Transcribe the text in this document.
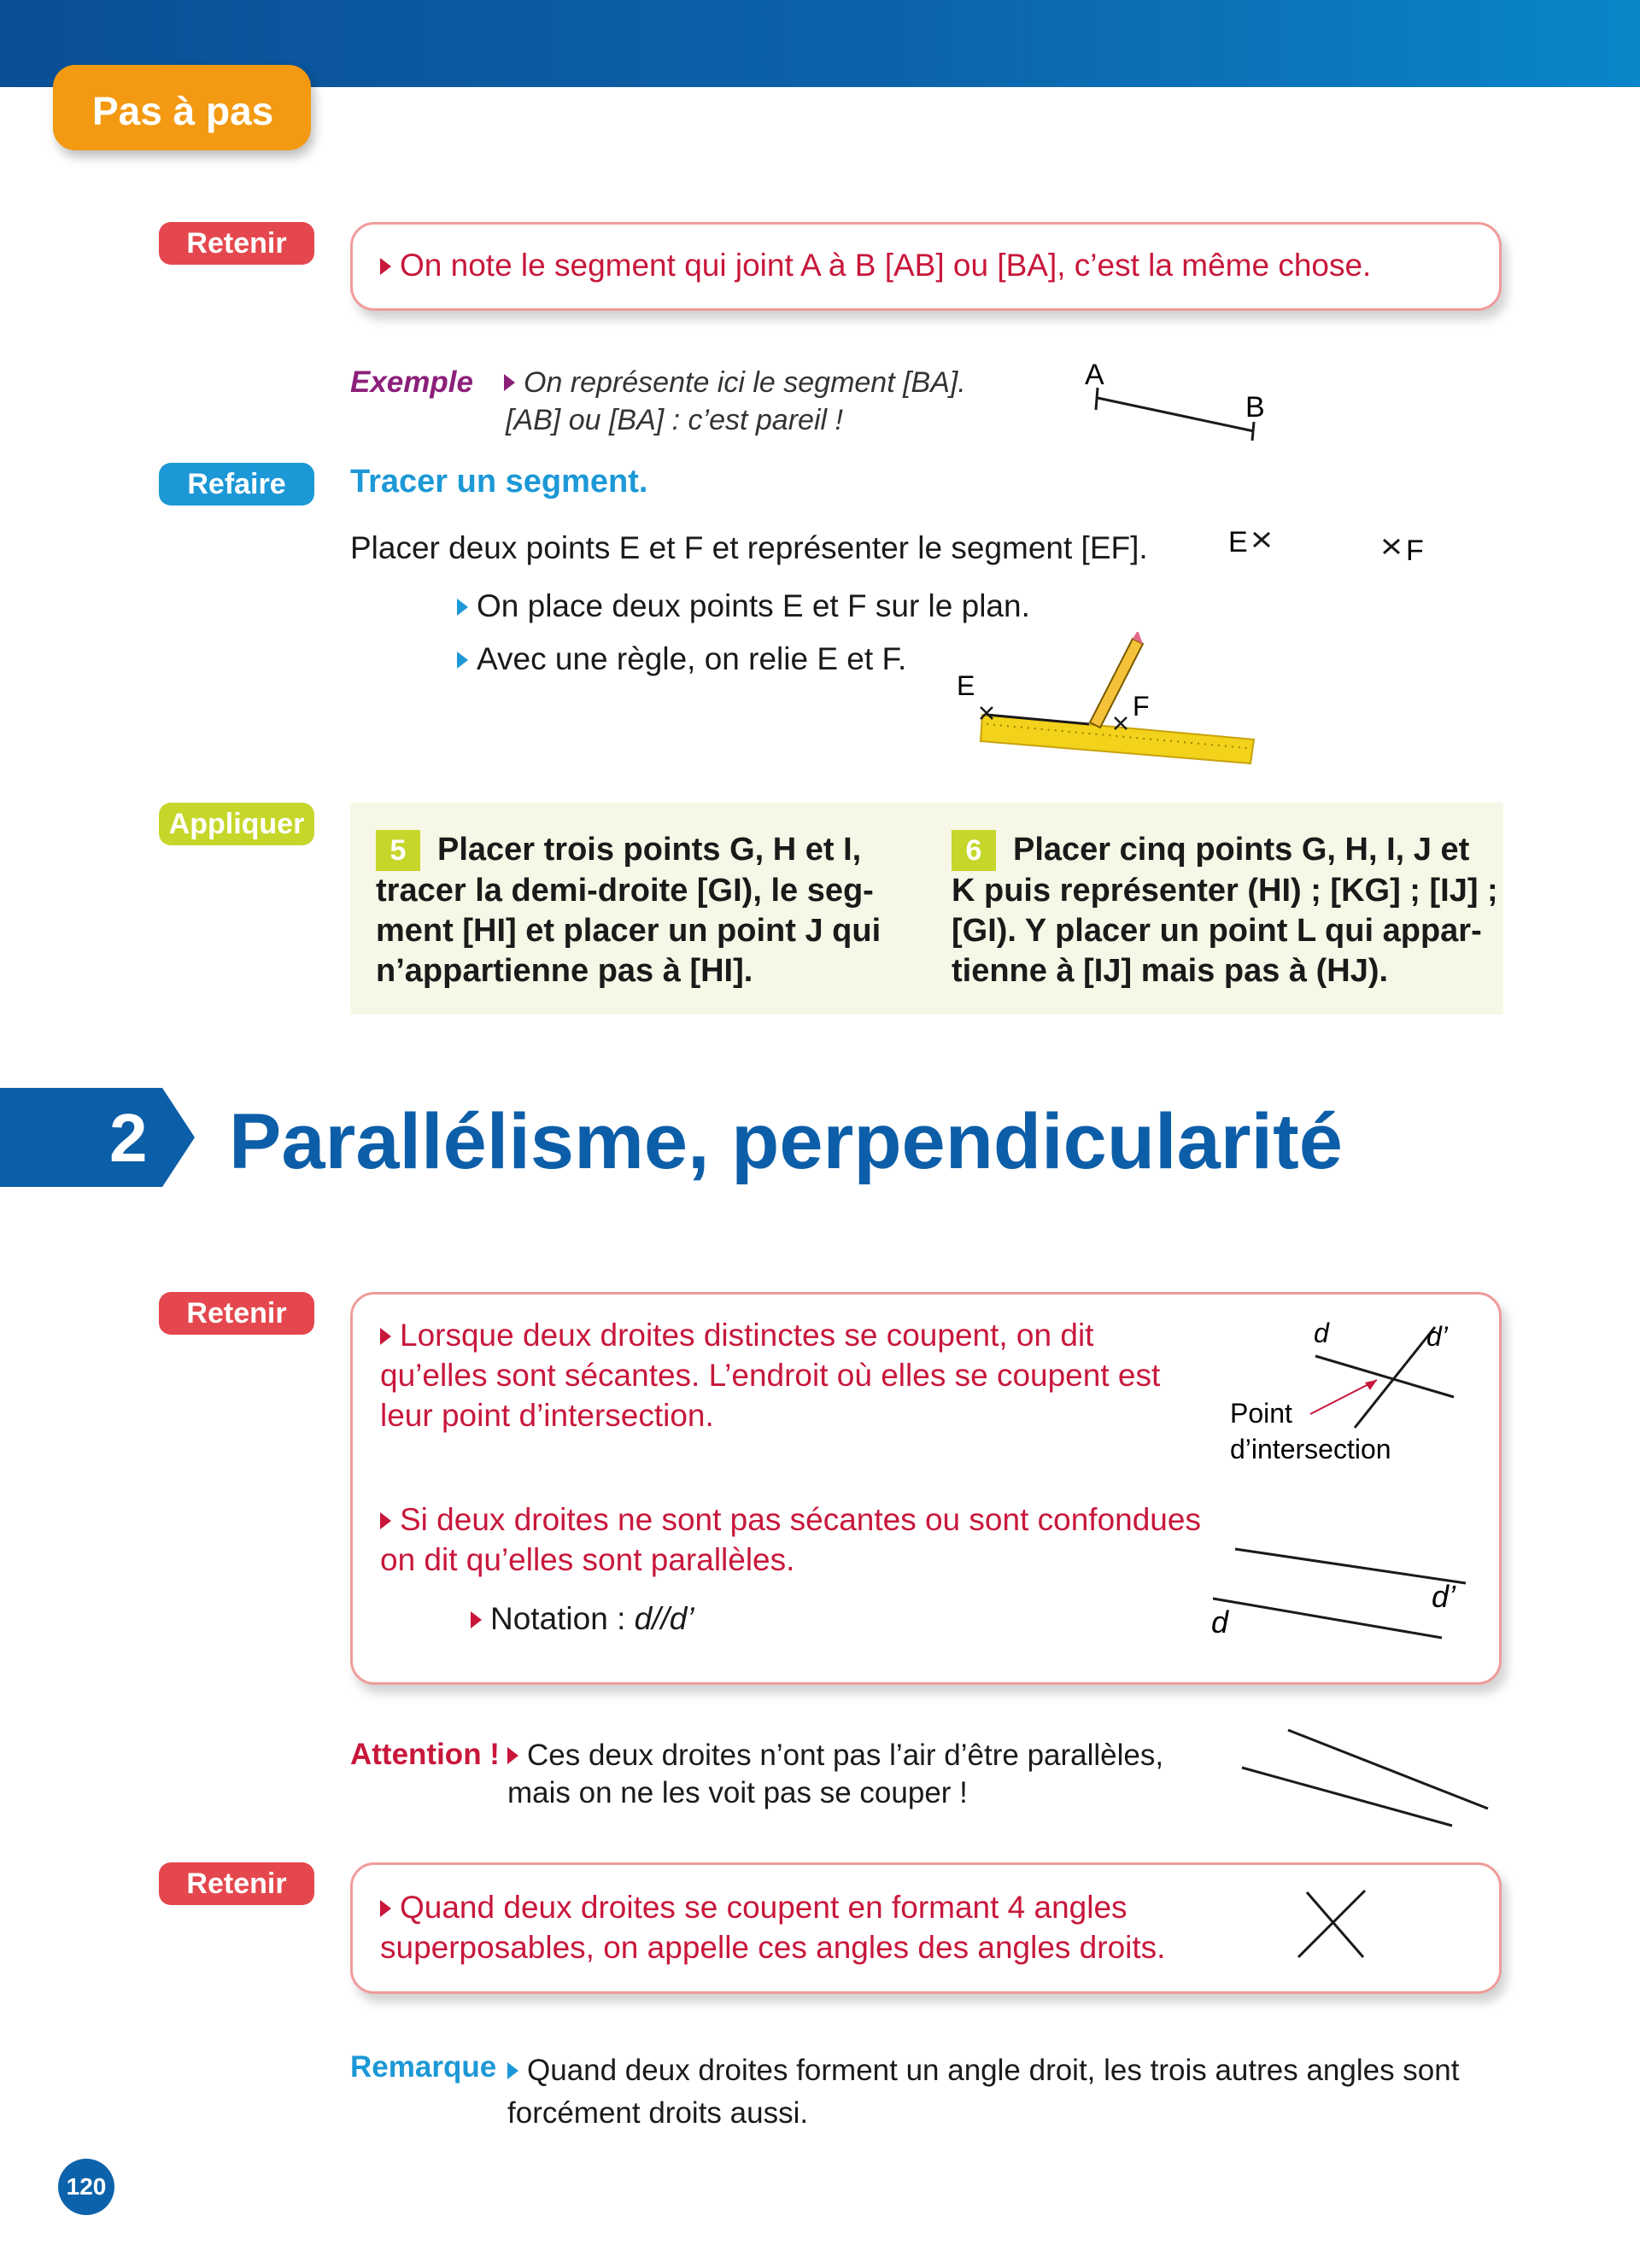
Pas à pas
Retenir
On note le segment qui joint A à B [AB] ou [BA], c’est la même chose.
Exemple	On représente ici le segment [BA].
[AB] ou [BA] : c’est pareil !
A
B
Refaire	Tracer un segment.
Placer deux points E et F et représenter le segment [EF].
On place deux points E et F sur le plan.
Avec une règle, on relie E et F.
E	F
E
F
Appliquer
5 Placer trois points G, H et I,
tracer la demi-droite [GI), le seg-
ment [HI] et placer un point J qui
n’appartienne pas à [HI].
6 Placer cinq points G, H, I, J et
K puis représenter (HI) ; [KG] ; [IJ] ;
[GI). Y placer un point L qui appar-
tienne à [IJ] mais pas à (HJ).
2 Parallélisme, perpendicularité
Retenir
Lorsque deux droites distinctes se coupent, on dit
qu’elles sont sécantes. L’endroit où elles se coupent est
leur point d’intersection.
Si deux droites ne sont pas sécantes ou sont confondues
on dit qu’elles sont parallèles.
Notation : d//d’
d	d’
Point
d’intersection
d’
d
Attention ! Ces deux droites n’ont pas l’air d’être parallèles,
mais on ne les voit pas se couper !
Retenir
Quand deux droites se coupent en formant 4 angles
superposables, on appelle ces angles des angles droits.
Remarque	Quand deux droites forment un angle droit, les trois autres angles sont
forcément droits aussi.
120
